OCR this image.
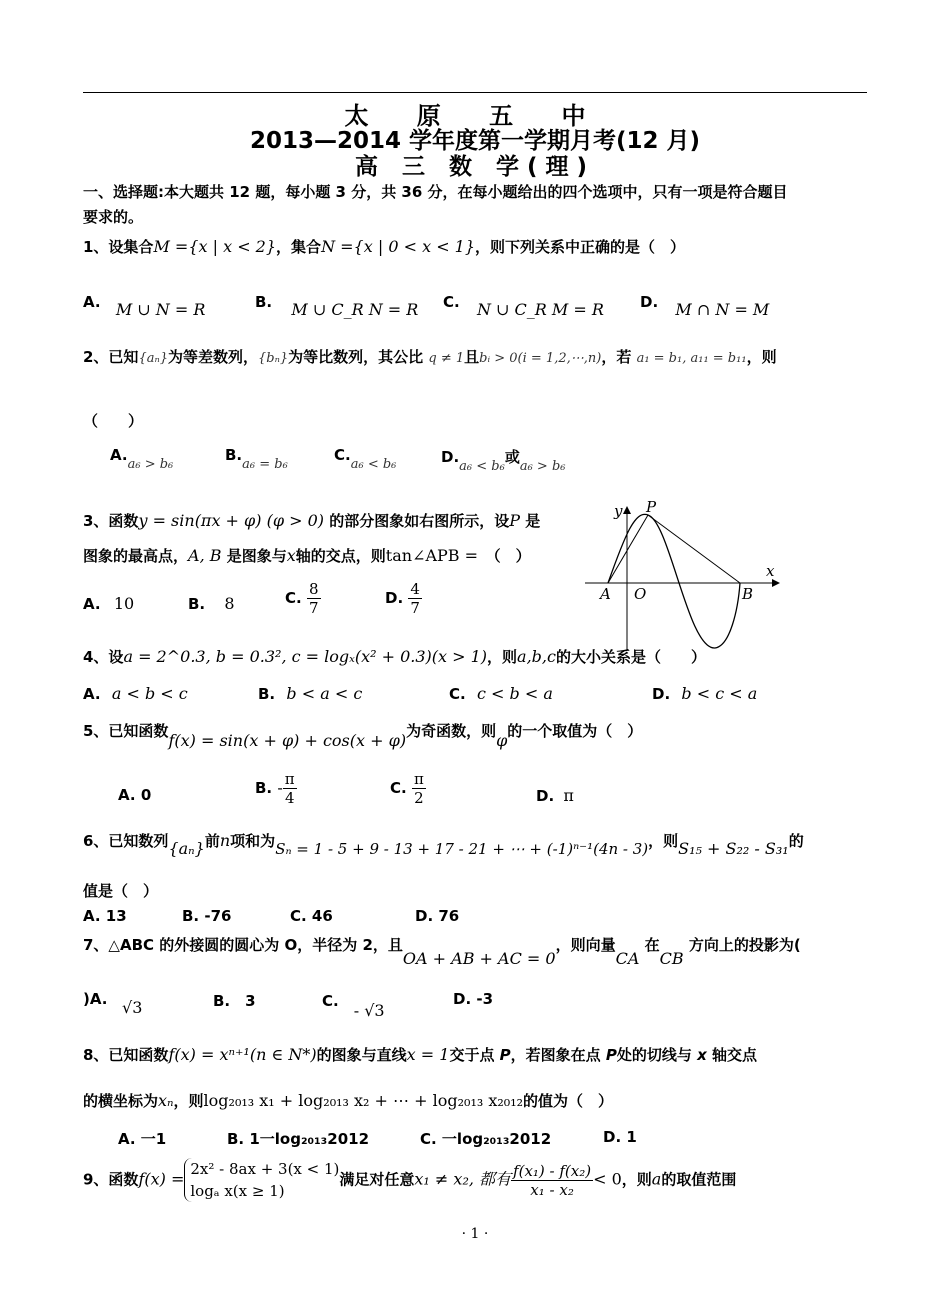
太 原 五 中
2013—2014 学年度第一学期月考(12 月)
高 三 数 学(理)
一、选择题:本大题共 12 题，每小题 3 分，共 36 分，在每小题给出的四个选项中，只有一项是符合题目
要求的。
1、设集合M ={x | x < 2}，集合N ={x | 0 < x < 1}，则下列关系中正确的是（　）
A. M ∪ N = R	B. M ∪ C_R N = R C. N ∪ C_R M = R D. M ∩ N = M
2、已知{aₙ}为等差数列，{bₙ}为等比数列，其公比 q ≠ 1且bᵢ > 0(i = 1,2,⋯,n)，若 a₁ = b₁, a₁₁ = b₁₁，则
（　　）
A.a₆ > b₆
B.a₆ = b₆
C.a₆ < b₆	D.a₆ < b₆或a₆ > b₆
3、函数y = sin(πx + φ) (φ > 0) 的部分图象如右图所示，设P 是
图象的最高点，A, B 是图象与x轴的交点，则tan∠APB =　 （　）
A. 10	B. 8	C. $\frac{8}{7}$	D. $\frac{4}{7}$
y P
x
A O	B
4、设a = 2^0.3, b = 0.3², c = logₓ(x² + 0.3)(x > 1)，则a,b,c的大小关系是（　　）
A. a < b < c	B. b < a < c	C. c < b < a	D. b < c < a
5、已知函数f(x) = sin(x + φ) + cos(x + φ)为奇函数，则φ的一个取值为（　）
A. 0	B. - $\frac{\pi}{4}$	C. $\frac{\pi}{2}$	D. π
6、已知数列{aₙ}前n项和为Sₙ = 1 - 5 + 9 - 13 + 17 - 21 + ⋯ + (-1)ⁿ⁻¹(4n - 3)，则S₁₅ + S₂₂ - S₃₁的
值是（　）
A. 13	B. -76	C. 46	D. 76
7、△ABC 的外接圆的圆心为 O，半径为 2，且OA + AB + AC = 0，则向量CA 在CB 方向上的投影为(
)A. √3	B.　 3	C.　 - √3
D. -3
8、已知函数f(x) = xⁿ⁺¹(n ∈ N*)的图象与直线x = 1交于点 P，若图象在点 P处的切线与 x 轴交点
的横坐标为xₙ，则log₂₀₁₃ x₁ + log₂₀₁₃ x₂ + ⋯ + log₂₀₁₃ x₂₀₁₂的值为（　）
A. 一1	B. 1一log₂₀₁₃2012	C. 一log₂₀₁₃2012	D. 1
9、函数f(x) =
2x² - 8ax + 3(x < 1)
logₐ x(x ≥ 1)
满足对任意x₁ ≠ x₂, 都有 $\frac{\text{f(x₁) - f(x₂)}}{\text{x₁ - x₂}} < 0$，则a的取值范围
· 1 ·
